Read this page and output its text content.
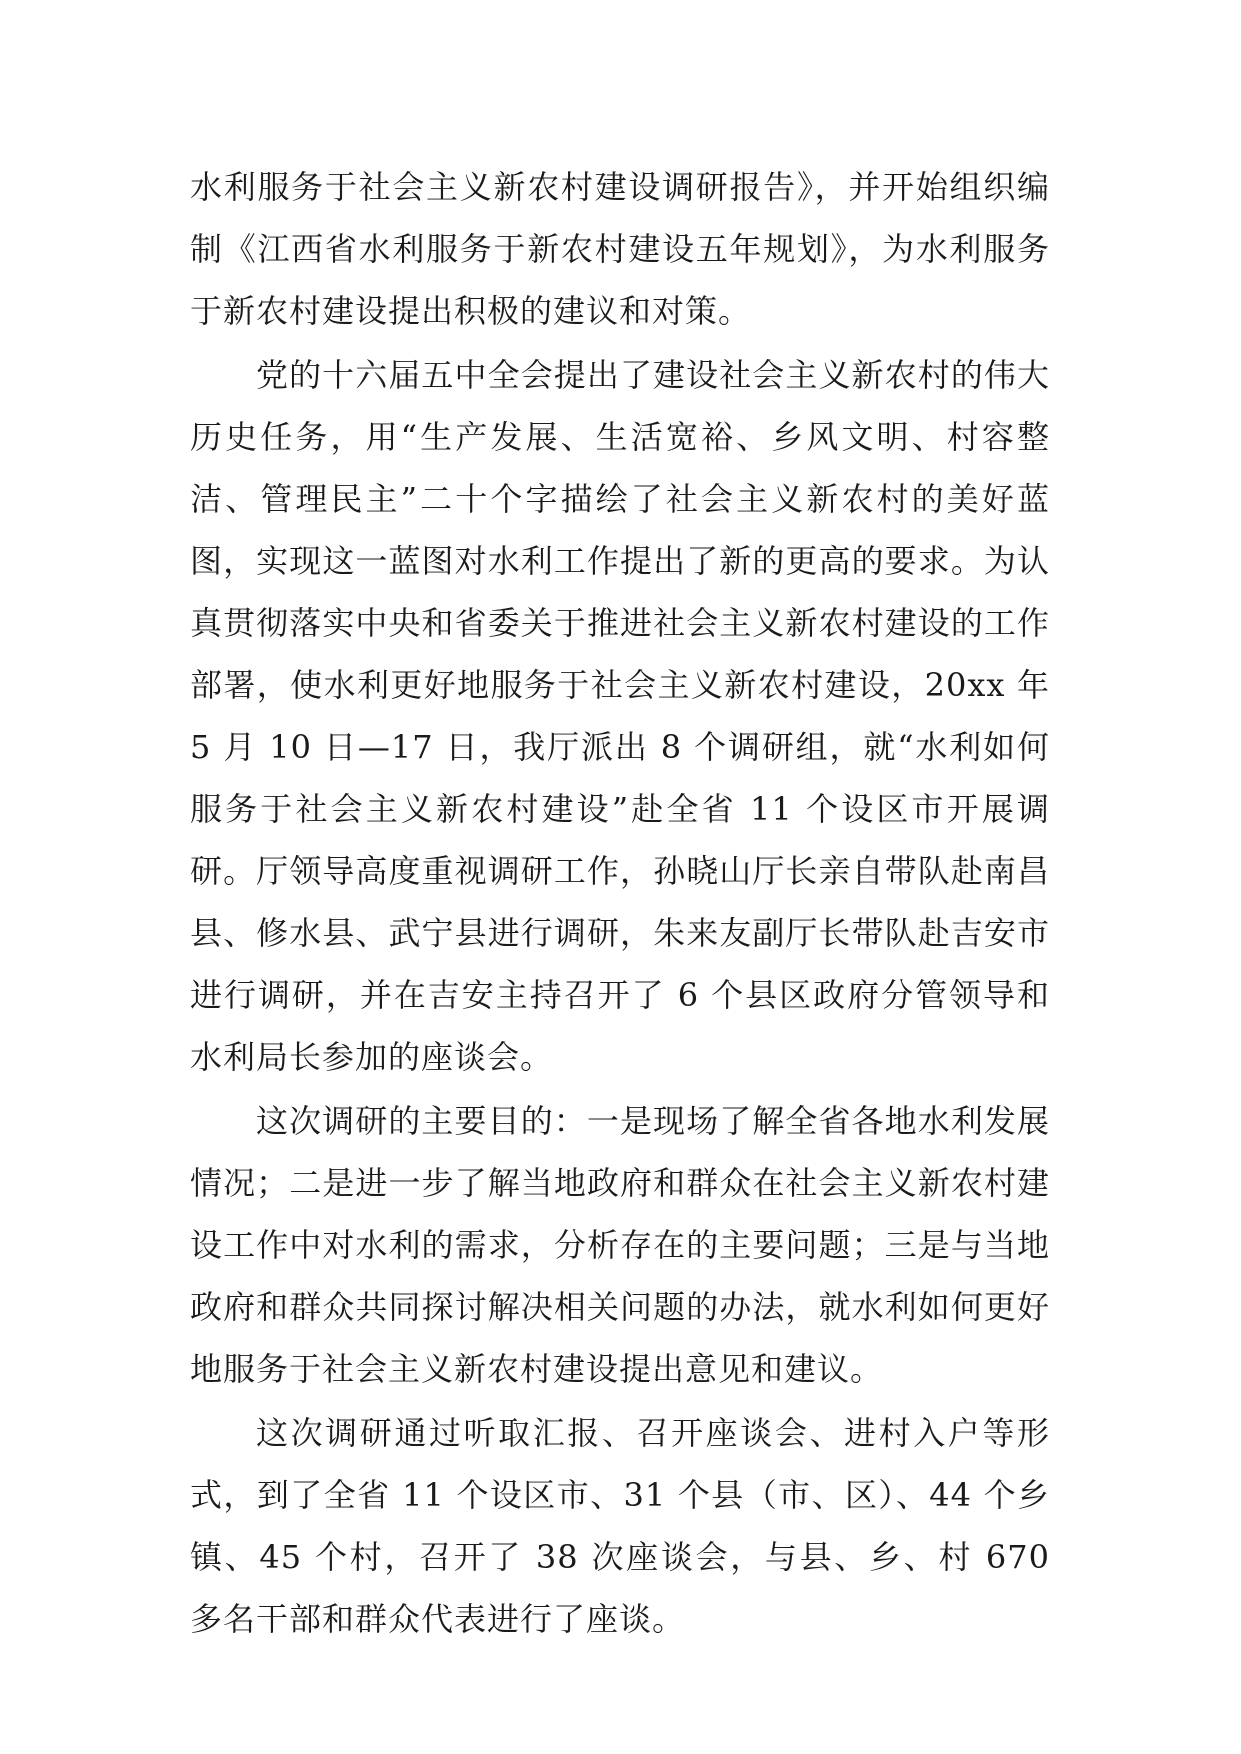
水利服务于社会主义新农村建设调研报告》，并开始组织编制《江西省水利服务于新农村建设五年规划》，为水利服务于新农村建设提出积极的建议和对策。

党的十六届五中全会提出了建设社会主义新农村的伟大历史任务，用“生产发展、生活宽裕、乡风文明、村容整洁、管理民主”二十个字描绘了社会主义新农村的美好蓝图，实现这一蓝图对水利工作提出了新的更高的要求。为认真贯彻落实中央和省委关于推进社会主义新农村建设的工作部署，使水利更好地服务于社会主义新农村建设，20xx 年 5 月 10 日—17 日，我厅派出 8 个调研组，就“水利如何服务于社会主义新农村建设”赴全省 11 个设区市开展调研。厅领导高度重视调研工作，孙晓山厅长亲自带队赴南昌县、修水县、武宁县进行调研，朱来友副厅长带队赴吉安市进行调研，并在吉安主持召开了 6 个县区政府分管领导和水利局长参加的座谈会。

这次调研的主要目的：一是现场了解全省各地水利发展情况；二是进一步了解当地政府和群众在社会主义新农村建设工作中对水利的需求，分析存在的主要问题；三是与当地政府和群众共同探讨解决相关问题的办法，就水利如何更好地服务于社会主义新农村建设提出意见和建议。

这次调研通过听取汇报、召开座谈会、进村入户等形式，到了全省 11 个设区市、31 个县（市、区）、44 个乡镇、45 个村，召开了 38 次座谈会，与县、乡、村 670 多名干部和群众代表进行了座谈。
